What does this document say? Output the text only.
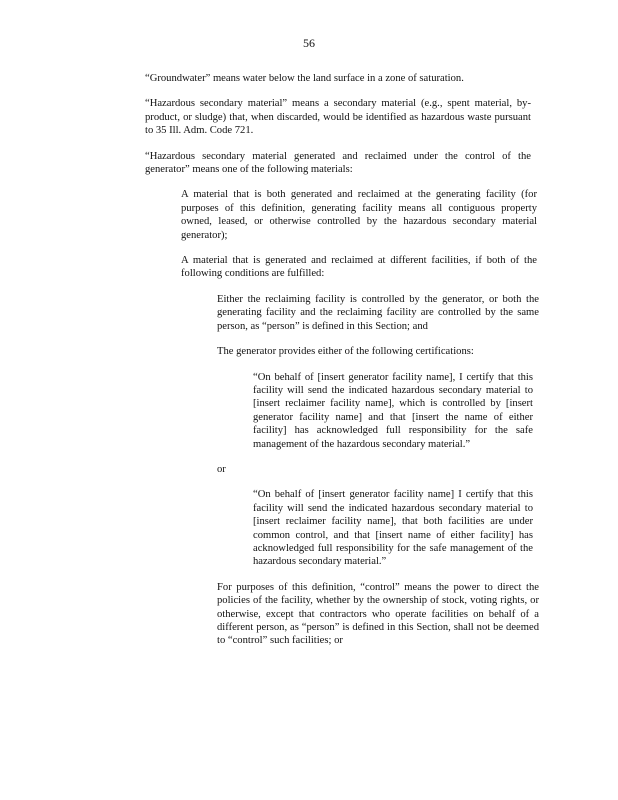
56

“Groundwater” means water below the land surface in a zone of saturation.

“Hazardous secondary material” means a secondary material (e.g., spent material, by-product, or sludge) that, when discarded, would be identified as hazardous waste pursuant to 35 Ill. Adm. Code 721.

“Hazardous secondary material generated and reclaimed under the control of the generator” means one of the following materials:

A material that is both generated and reclaimed at the generating facility (for purposes of this definition, generating facility means all contiguous property owned, leased, or otherwise controlled by the hazardous secondary material generator);

A material that is generated and reclaimed at different facilities, if both of the following conditions are fulfilled:

Either the reclaiming facility is controlled by the generator, or both the generating facility and the reclaiming facility are controlled by the same person, as “person” is defined in this Section; and

The generator provides either of the following certifications:

“On behalf of [insert generator facility name], I certify that this facility will send the indicated hazardous secondary material to [insert reclaimer facility name], which is controlled by [insert generator facility name] and that [insert the name of either facility] has acknowledged full responsibility for the safe management of the hazardous secondary material.”

or

“On behalf of [insert generator facility name] I certify that this facility will send the indicated hazardous secondary material to [insert reclaimer facility name], that both facilities are under common control, and that [insert name of either facility] has acknowledged full responsibility for the safe management of the hazardous secondary material.”

For purposes of this definition, “control” means the power to direct the policies of the facility, whether by the ownership of stock, voting rights, or otherwise, except that contractors who operate facilities on behalf of a different person, as “person” is defined in this Section, shall not be deemed to “control” such facilities; or
